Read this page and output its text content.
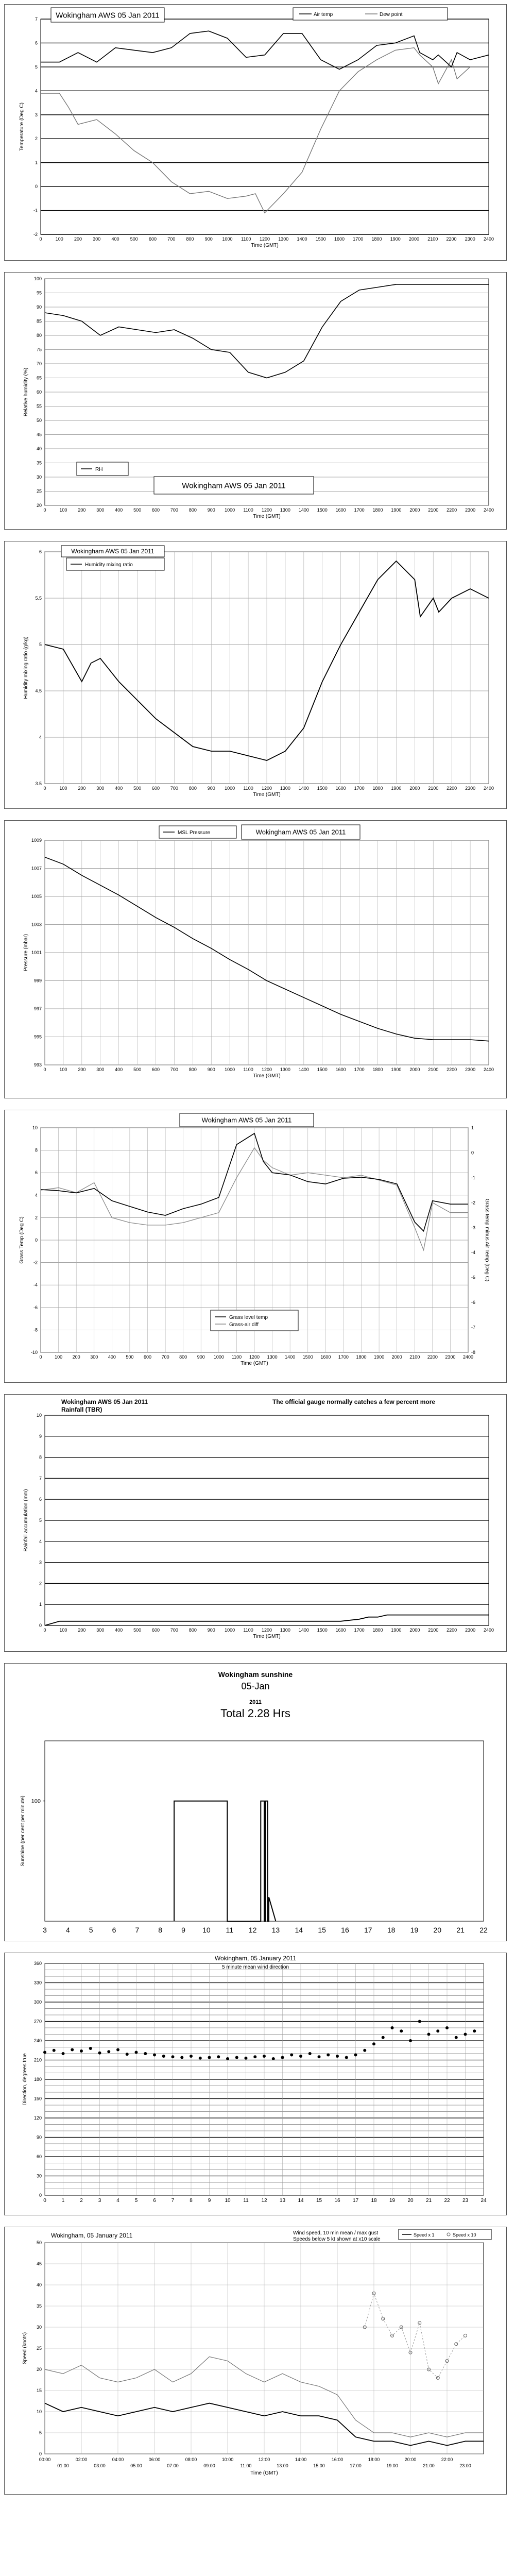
-2
-1
0
1
2
3
4
5
6
7
0	100 200 300 400 500 600 700 800 900 1000 1100 1200 1300 1400 1500 1600 1700 1800 1900 2000 2100 2200 2300 2400
Time (GMT)
Temperature (Deg C)
Wokingham AWS 05 Jan 2011	Air temp	Dew point
20
25
30
35
40
45
50
55
60
65
70
75
80
85
90
95
100
0	100 200 300 400 500 600 700 800 900 1000 1100 1200 1300 1400 1500 1600 1700 1800 1900 2000 2100 2200 2300 2400
Time (GMT)
Relative humidity (%)
RH
Wokingham AWS 05 Jan 2011
3.5
4
4.5
5
5.5
6
0	100 200 300 400 500 600 700 800 900 1000 1100 1200 1300 1400 1500 1600 1700 1800 1900 2000 2100 2200 2300 2400
Time (GMT)
Humidity mixing ratio (g/kg)
Wokingham AWS 05 Jan 2011
Humidity mixing ratio
993
995
997
999
1001
1003
1005
1007
1009
0	100 200 300 400 500 600 700 800 900 1000 1100 1200 1300 1400 1500 1600 1700 1800 1900 2000 2100 2200 2300 2400
Time (GMT)
Pressure (mbar)
MSL Pressure	Wokingham AWS 05 Jan 2011
-10
-8
-6
-4
-2
0
2
4
6
8
10
0	100 200 300 400 500 600 700 800 900 1000 1100 1200 1300 1400 1500 1600 1700 1800 1900 2000 2100 2200 2300 2400
Time (GMT)
Grass Temp (Deg C)
-8
-7
-6
-5
-4
-3
-2
-1
0
1
Grass temp minus Air Temp (Deg C)
Wokingham AWS 05 Jan 2011
Grass level temp
Grass-air diff
0
1
2
3
4
5
6
7
8
9
10
0	100 200 300 400 500 600 700 800 900 1000 1100 1200 1300 1400 1500 1600 1700 1800 1900 2000 2100 2200 2300 2400
Time (GMT)
Rainfall accumulation (mm)
Wokingham AWS 05 Jan 2011
Rainfall (TBR)
The official gauge normally catches a few percent more
100
3	4	5	6	7	8	9 10 11 12 13 14 15 16 17 18 19 20 21 22
Sunshine (per cent per minute)
Wokingham sunshine
05-Jan
2011
Total 2.28 Hrs
0	1	2	3	4	5	6	7	8	9	10 11 12 13 14 15 16 17 18 19 20 21 22 23 24
0
30
60
90
120
150
180
210
240
270
300
330
360
Direction, degrees true
Wokingham, 05 January 2011
5 minute mean wind direction
0
5
10
15
20
25
30
35
40
45
50
00:00	02:00	04:00	06:00	08:00	10:00	12:00	14:00	16:00	18:00	20:00	22:00
01:00	03:00	05:00	07:00	09:00	11:00	13:00	15:00	17:00	19:00	21:00	23:00
Time (GMT)
Speed (knots)
Wokingham, 05 January 2011	Wind speed, 10 min mean / max gust
Speeds below 5 kt shown at x10 scale
Speed x 1	Speed x 10
